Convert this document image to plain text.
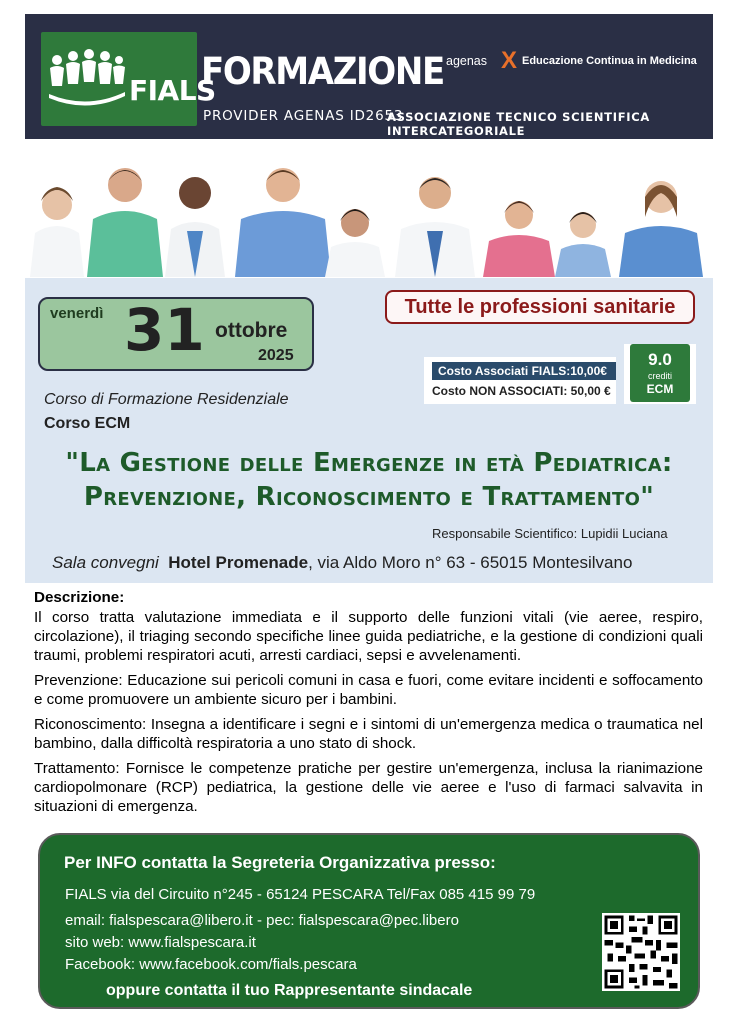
FIALS
FORMAZIONE
PROVIDER AGENAS ID2653
ASSOCIAZIONE TECNICO SCIENTIFICA INTERCATEGORIALE
agenas X Educazione Continua in Medicina
venerdì 31 ottobre
2025
Tutte le professioni sanitarie
Costo Associati FIALS:10,00€
Costo NON ASSOCIATI: 50,00 €
9.0
crediti
ECM
Corso di Formazione Residenziale
Corso ECM
"La Gestione delle Emergenze in età Pediatrica:
Prevenzione, Riconoscimento e Trattamento"
Responsabile Scientifico: Lupidii Luciana
Sala convegni Hotel Promenade, via Aldo Moro n° 63 - 65015 Montesilvano

Descrizione:

Il corso tratta valutazione immediata e il supporto delle funzioni vitali (vie aeree, respiro, circolazione), il triaging secondo specifiche linee guida pediatriche, e la gestione di condizioni quali traumi, problemi respiratori acuti, arresti cardiaci, sepsi e avvelenamenti.

Prevenzione: Educazione sui pericoli comuni in casa e fuori, come evitare incidenti e soffocamento e come promuovere un ambiente sicuro per i bambini.

Riconoscimento: Insegna a identificare i segni e i sintomi di un'emergenza medica o traumatica nel bambino, dalla difficoltà respiratoria a uno stato di shock.

Trattamento: Fornisce le competenze pratiche per gestire un'emergenza, inclusa la rianimazione cardiopolmonare (RCP) pediatrica, la gestione delle vie aeree e l'uso di farmaci salvavita in situazioni di emergenza.

Per INFO contatta la Segreteria Organizzativa presso:
FIALS via del Circuito n°245 - 65124 PESCARA Tel/Fax 085 415 99 79
email: fialspescara@libero.it - pec: fialspescara@pec.libero
sito web: www.fialspescara.it
Facebook: www.facebook.com/fials.pescara
oppure contatta il tuo Rappresentante sindacale
